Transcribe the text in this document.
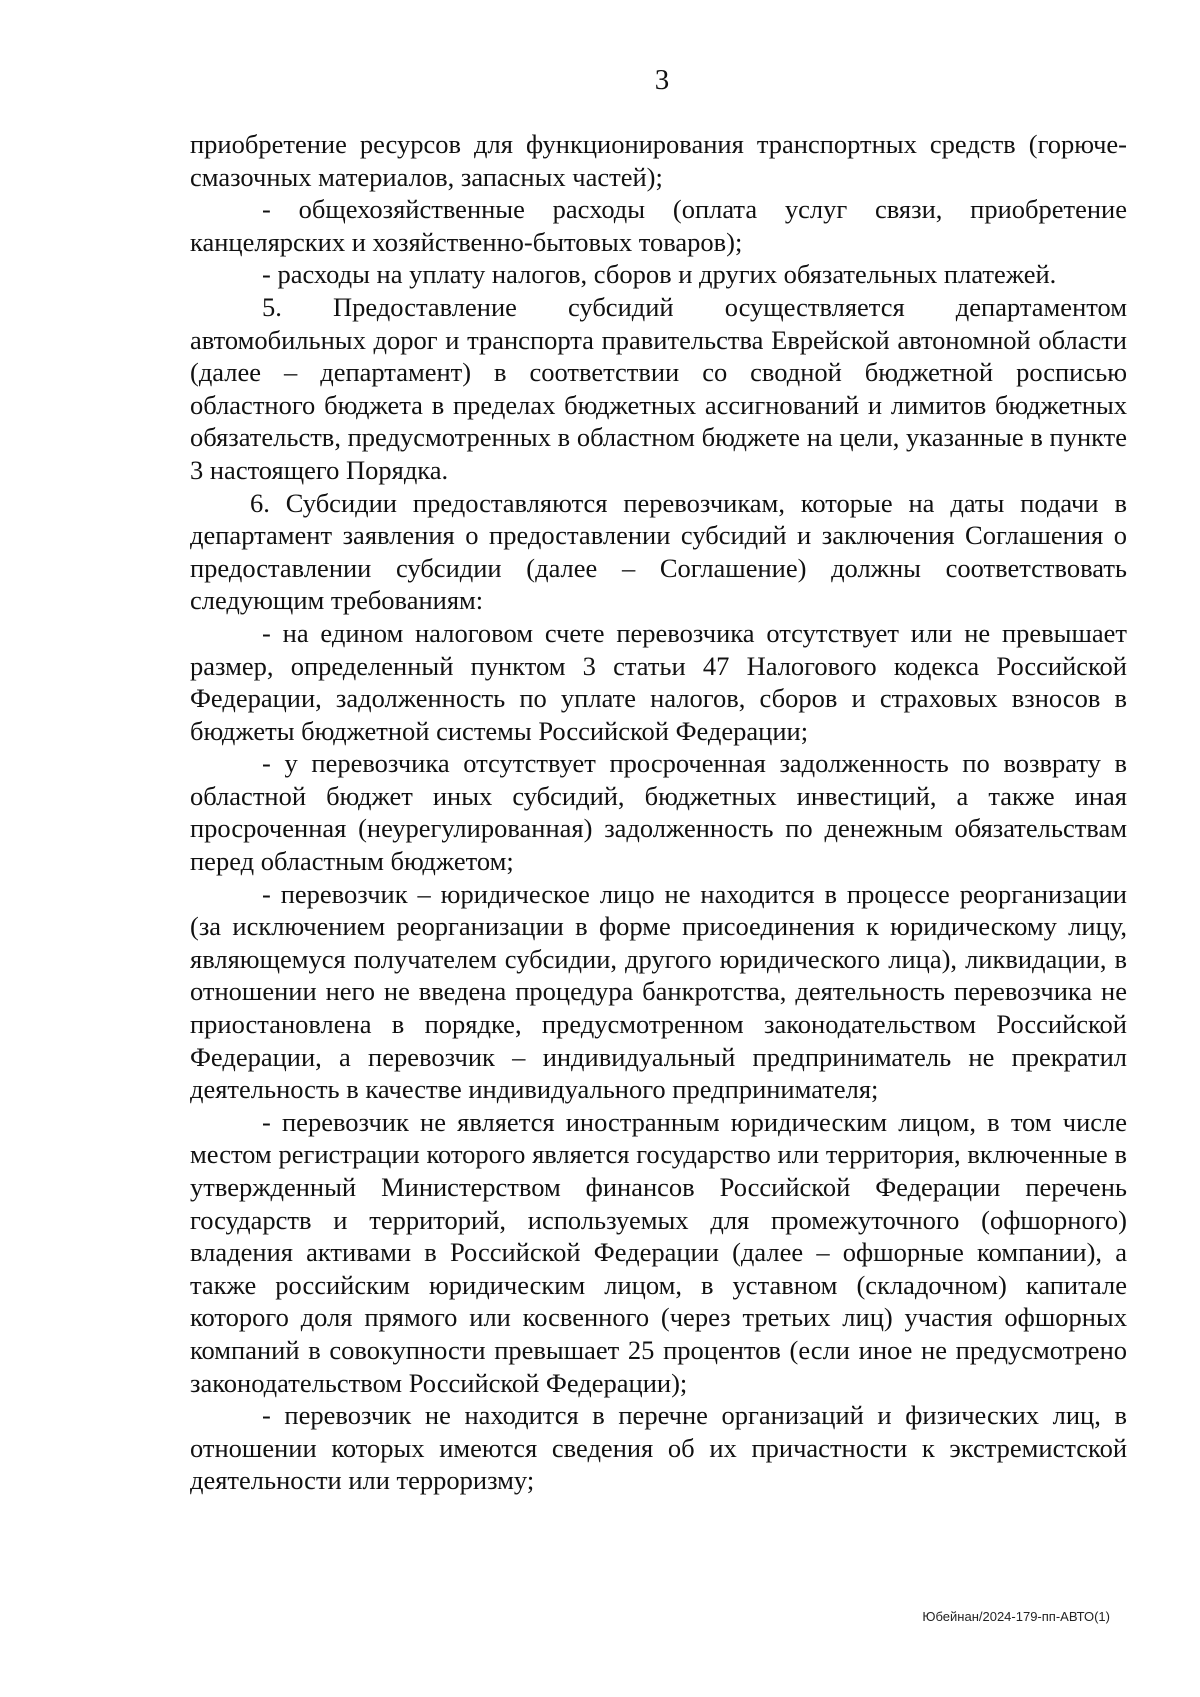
3

приобретение ресурсов для функционирования транспортных средств (горюче-смазочных материалов, запасных частей);

- общехозяйственные расходы (оплата услуг связи, приобретение канцелярских и хозяйственно-бытовых товаров);

- расходы на уплату налогов, сборов и других обязательных платежей.

5. Предоставление субсидий осуществляется департаментом автомобильных дорог и транспорта правительства Еврейской автономной области (далее – департамент) в соответствии со сводной бюджетной росписью областного бюджета в пределах бюджетных ассигнований и лимитов бюджетных обязательств, предусмотренных в областном бюджете на цели, указанные в пункте 3 настоящего Порядка.

6. Субсидии предоставляются перевозчикам, которые на даты подачи в департамент заявления о предоставлении субсидий и заключения Соглашения о предоставлении субсидии (далее – Соглашение) должны соответствовать следующим требованиям:

- на едином налоговом счете перевозчика отсутствует или не превышает размер, определенный пунктом 3 статьи 47 Налогового кодекса Российской Федерации, задолженность по уплате налогов, сборов и страховых взносов в бюджеты бюджетной системы Российской Федерации;

- у перевозчика отсутствует просроченная задолженность по возврату в областной бюджет иных субсидий, бюджетных инвестиций, а также иная просроченная (неурегулированная) задолженность по денежным обязательствам перед областным бюджетом;

- перевозчик – юридическое лицо не находится в процессе реорганизации (за исключением реорганизации в форме присоединения к юридическому лицу, являющемуся получателем субсидии, другого юридического лица), ликвидации, в отношении него не введена процедура банкротства, деятельность перевозчика не приостановлена в порядке, предусмотренном законодательством Российской Федерации, а перевозчик – индивидуальный предприниматель не прекратил деятельность в качестве индивидуального предпринимателя;

- перевозчик не является иностранным юридическим лицом, в том числе местом регистрации которого является государство или территория, включенные в утвержденный Министерством финансов Российской Федерации перечень государств и территорий, используемых для промежуточного (офшорного) владения активами в Российской Федерации (далее – офшорные компании), а также российским юридическим лицом, в уставном (складочном) капитале которого доля прямого или косвенного (через третьих лиц) участия офшорных компаний в совокупности превышает 25 процентов (если иное не предусмотрено законодательством Российской Федерации);

- перевозчик не находится в перечне организаций и физических лиц, в отношении которых имеются сведения об их причастности к экстремистской деятельности или терроризму;

Юбейнан/2024-179-пп-АВТО(1)
